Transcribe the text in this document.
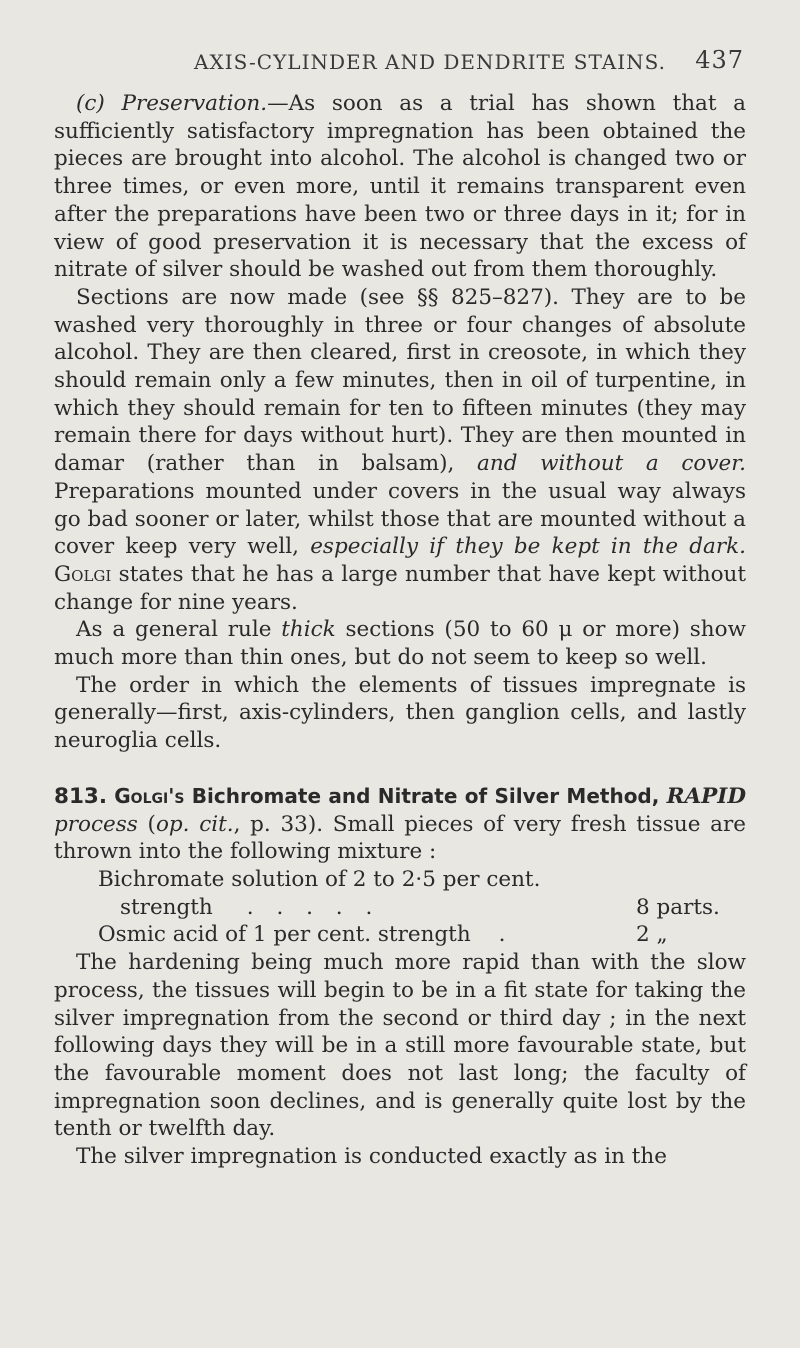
AXIS-CYLINDER AND DENDRITE STAINS. 437

(c) Preservation.—As soon as a trial has shown that a sufficiently satisfactory impregnation has been obtained the pieces are brought into alcohol. The alcohol is changed two or three times, or even more, until it remains transparent even after the preparations have been two or three days in it; for in view of good preservation it is necessary that the excess of nitrate of silver should be washed out from them thoroughly.

Sections are now made (see §§ 825–827). They are to be washed very thoroughly in three or four changes of absolute alcohol. They are then cleared, first in creosote, in which they should remain only a few minutes, then in oil of turpentine, in which they should remain for ten to fifteen minutes (they may remain there for days without hurt). They are then mounted in damar (rather than in balsam), and without a cover. Preparations mounted under covers in the usual way always go bad sooner or later, whilst those that are mounted without a cover keep very well, especially if they be kept in the dark. Golgi states that he has a large number that have kept without change for nine years.

As a general rule thick sections (50 to 60 μ or more) show much more than thin ones, but do not seem to keep so well.

The order in which the elements of tissues impregnate is generally—first, axis-cylinders, then ganglion cells, and lastly neuroglia cells.

813. Golgi's Bichromate and Nitrate of Silver Method, RAPID process (op. cit., p. 33). Small pieces of very fresh tissue are thrown into the following mixture :

Bichromate solution of 2 to 2·5 per cent.
strength	. . . . .	8 parts.
Osmic acid of 1 per cent. strength	.	2 „

The hardening being much more rapid than with the slow process, the tissues will begin to be in a fit state for taking the silver impregnation from the second or third day ; in the next following days they will be in a still more favourable state, but the favourable moment does not last long; the faculty of impregnation soon declines, and is generally quite lost by the tenth or twelfth day.

The silver impregnation is conducted exactly as in the
